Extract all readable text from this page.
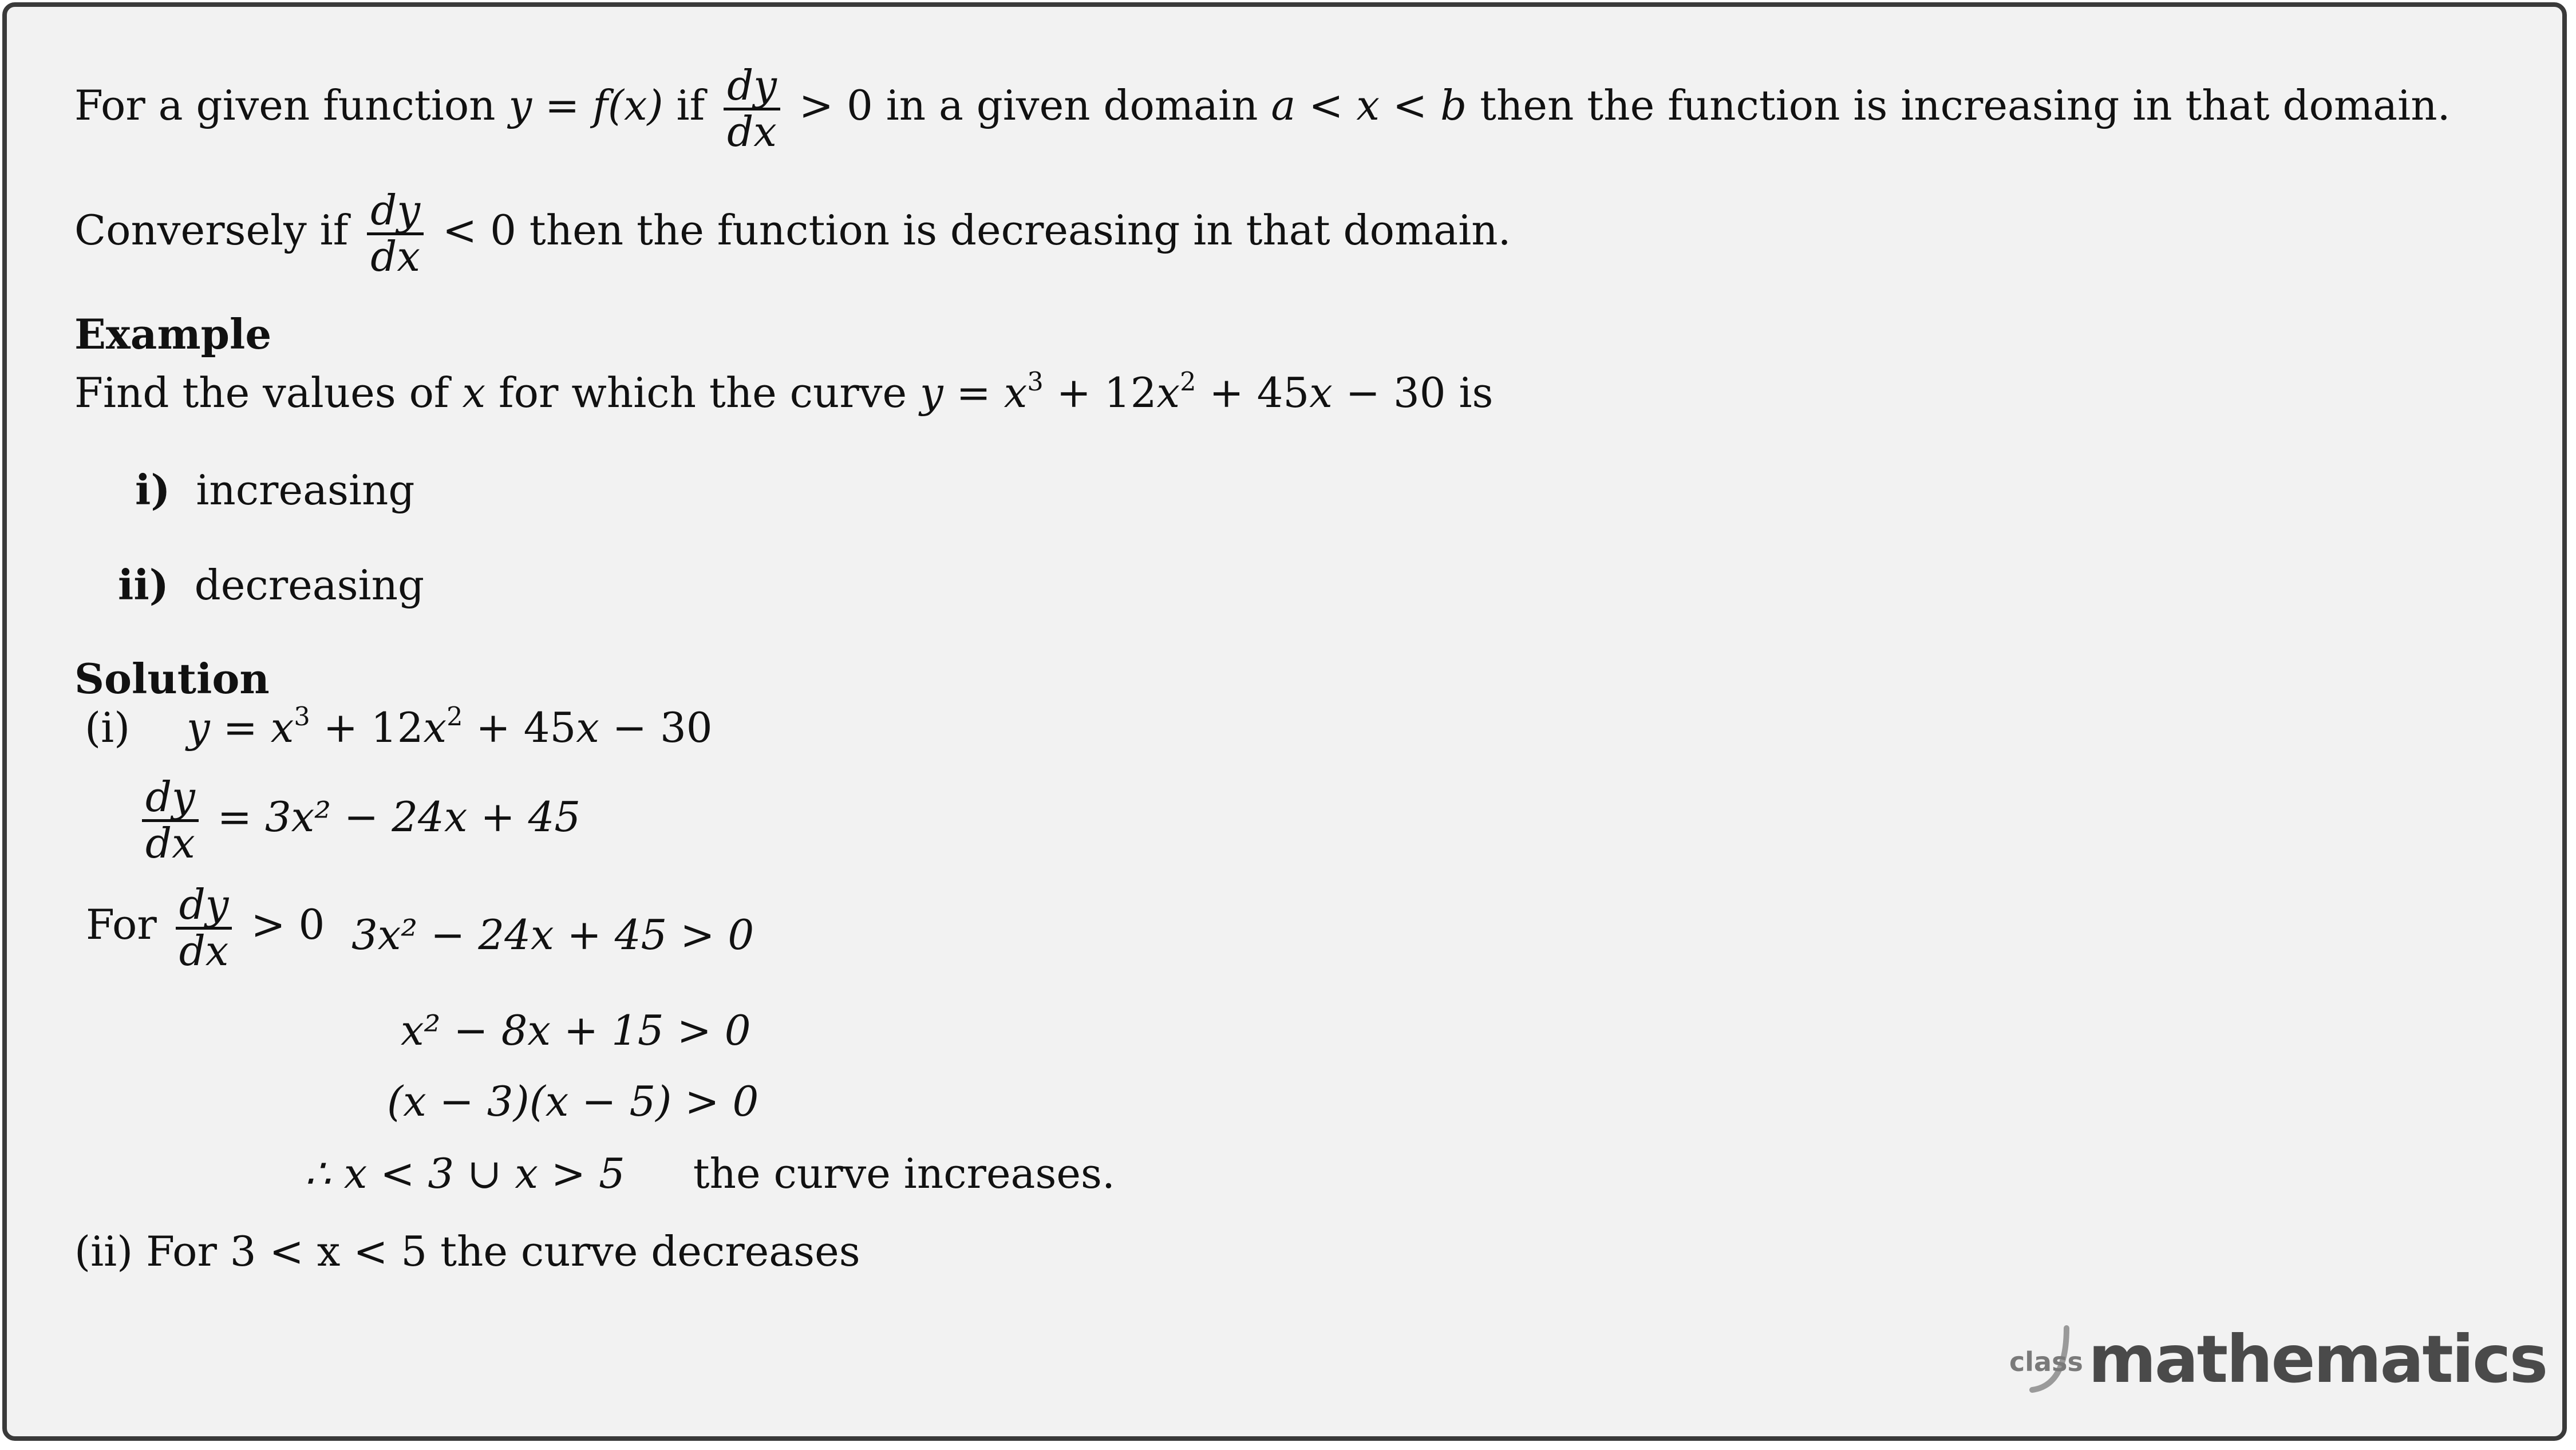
For a given function y = f(x) if $\frac{dy}{dx} > 0$ in a given domain a < x < b then the function is increasing in that domain.
Conversely if $\frac{dy}{dx} < 0$ then the function is decreasing in that domain.
Example
Find the values of x for which the curve $y = x^3 + 12x^2 + 45x - 30$ is
i) increasing
ii) decreasing
Solution
(i) $y = x^3 + 12x^2 + 45x - 30$
$\frac{dy}{dx} = 3x^2 - 24x + 45$
For $\frac{dy}{dx} > 0$ 3x² − 24x + 45 > 0
x² − 8x + 15 > 0
(x − 3)(x − 5) > 0
∴ x < 3 ∪ x > 5 the curve increases.
(ii) For 3 < x < 5 the curve decreases
class mathematics
